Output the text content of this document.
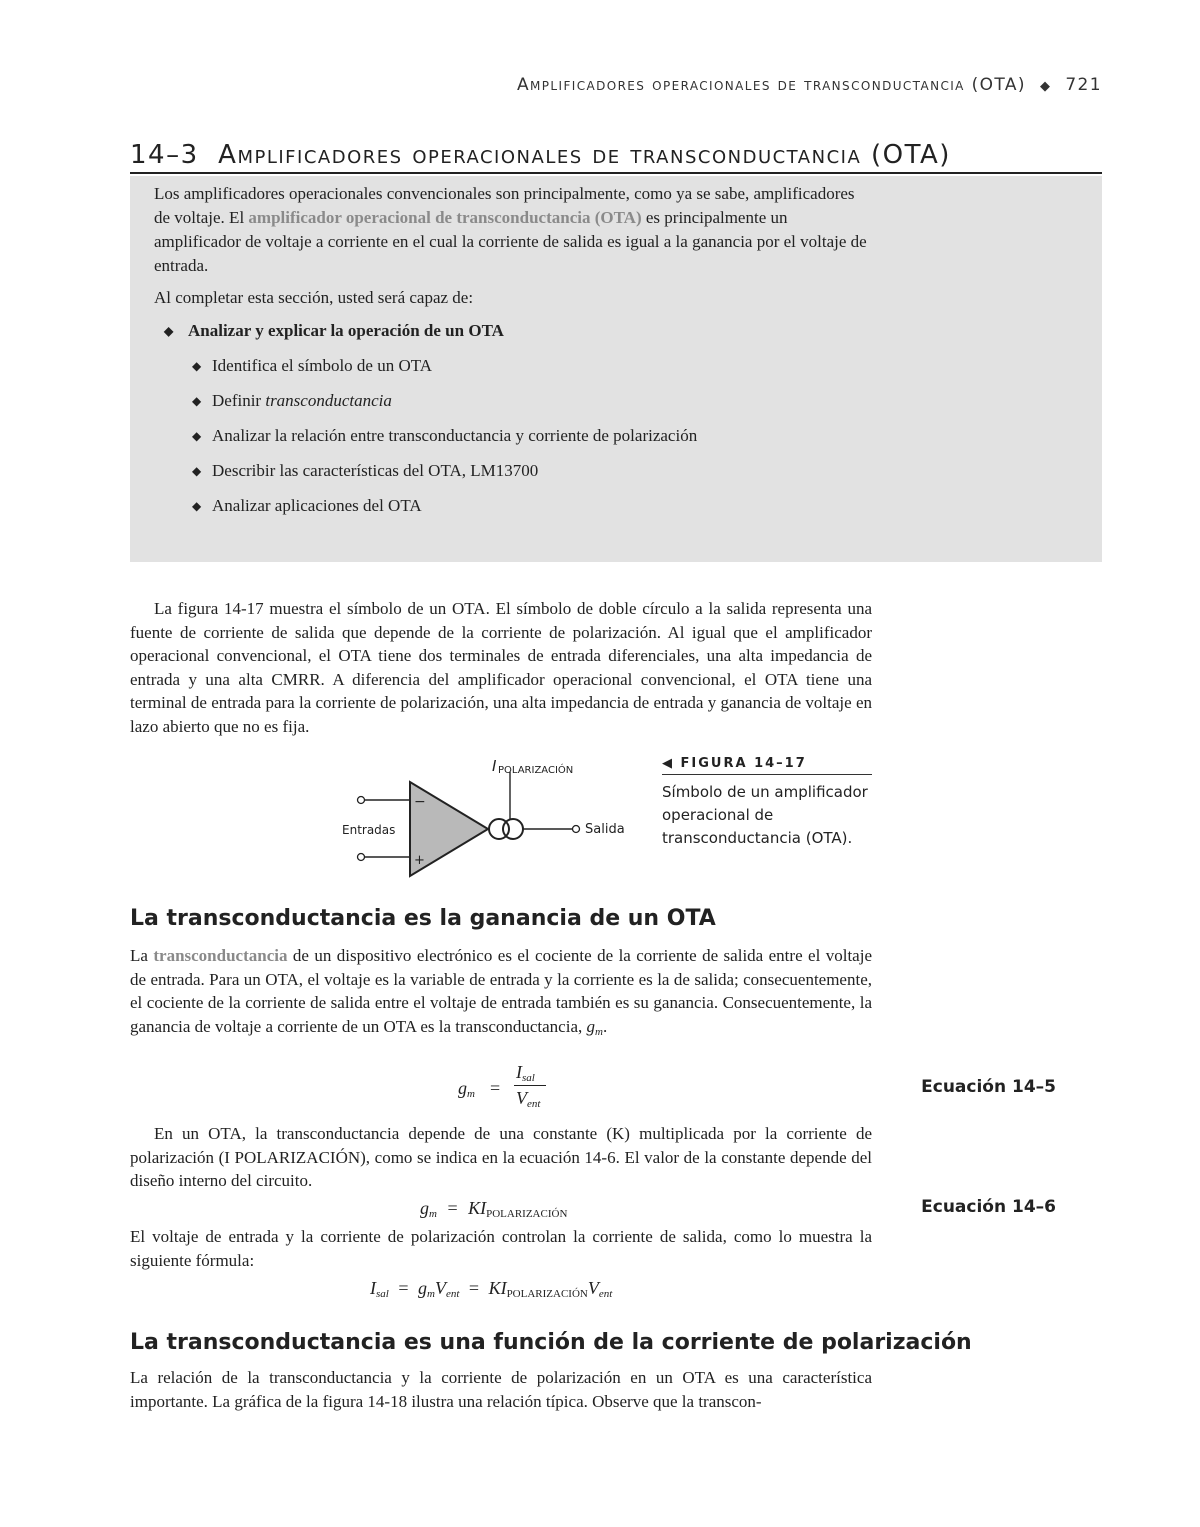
Amplificadores operacionales de transconductancia (OTA) ◆ 721
14–3 Amplificadores operacionales de transconductancia (OTA)

Los amplificadores operacionales convencionales son principalmente, como ya se sabe, amplificadores de voltaje. El amplificador operacional de transconductancia (OTA) es principalmente un amplificador de voltaje a corriente en el cual la corriente de salida es igual a la ganancia por el voltaje de entrada.

Al completar esta sección, usted será capaz de:

◆ Analizar y explicar la operación de un OTA

◆ Identifica el símbolo de un OTA

◆ Definir transconductancia

◆ Analizar la relación entre transconductancia y corriente de polarización

◆ Describir las características del OTA, LM13700

◆ Analizar aplicaciones del OTA

La figura 14-17 muestra el símbolo de un OTA. El símbolo de doble círculo a la salida representa una fuente de corriente de salida que depende de la corriente de polarización. Al igual que el amplificador operacional convencional, el OTA tiene dos terminales de entrada diferenciales, una alta impedancia de entrada y una alta CMRR. A diferencia del amplificador operacional convencional, el OTA tiene una terminal de entrada para la corriente de polarización, una alta impedancia de entrada y ganancia de voltaje en lazo abierto que no es fija.

−
+
I POLARIZACIÓN
Entradas	Salida
◀ FIGURA 14–17
Símbolo de un amplificador operacional de transconductancia (OTA).
La transconductancia es la ganancia de un OTA

La transconductancia de un dispositivo electrónico es el cociente de la corriente de salida entre el voltaje de entrada. Para un OTA, el voltaje es la variable de entrada y la corriente es la de salida; consecuentemente, el cociente de la corriente de salida entre el voltaje de entrada también es su ganancia. Consecuentemente, la ganancia de voltaje a corriente de un OTA es la transconductancia, $g_m$.

$g_m$ =
$I_{sal}$
$V_{ent}$
Ecuación 14–5

En un OTA, la transconductancia depende de una constante (K) multiplicada por la corriente de polarización (I POLARIZACIÓN), como se indica en la ecuación 14-6. El valor de la constante depende del diseño interno del circuito.

$g_m$ = KIPOLARIZACIÓN	Ecuación 14–6

El voltaje de entrada y la corriente de polarización controlan la corriente de salida, como lo muestra la siguiente fórmula:

$I_{sal} = g_mV_{ent}$ = $KIPOLARIZACIÓNV_{ent}$
La transconductancia es una función de la corriente de polarización

La relación de la transconductancia y la corriente de polarización en un OTA es una característica importante. La gráfica de la figura 14-18 ilustra una relación típica. Observe que la transcon-
